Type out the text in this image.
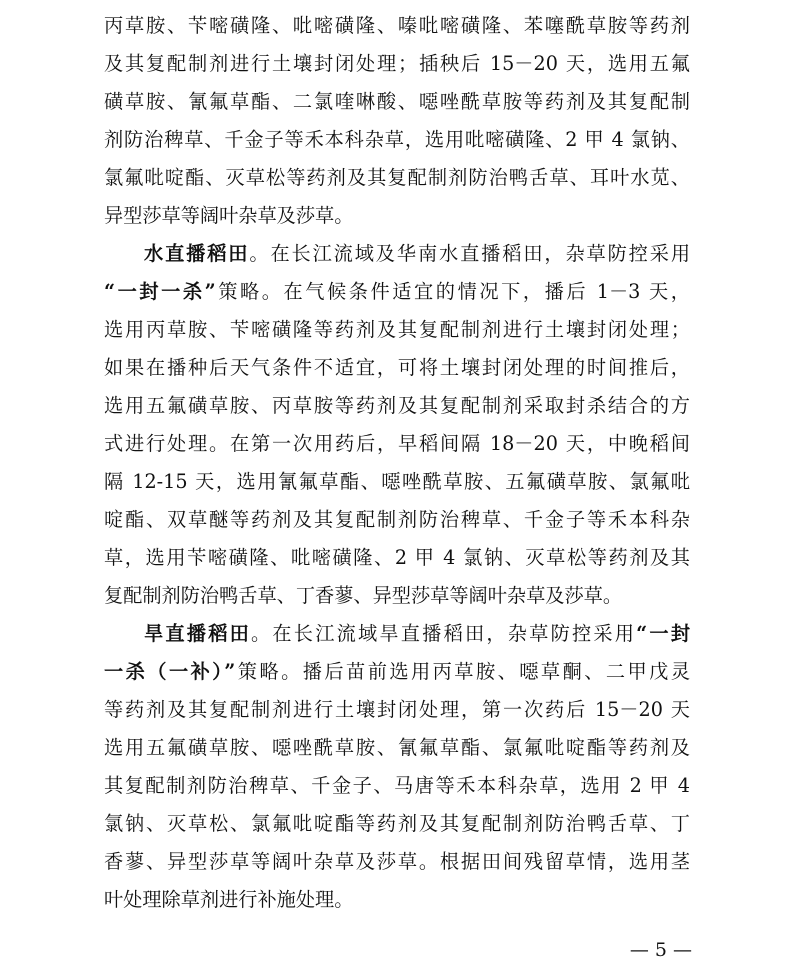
丙草胺、苄嘧磺隆、吡嘧磺隆、嗪吡嘧磺隆、苯噻酰草胺等药剂
及其复配制剂进行土壤封闭处理；插秧后 15－20 天，选用五氟
磺草胺、氰氟草酯、二氯喹啉酸、噁唑酰草胺等药剂及其复配制
剂防治稗草、千金子等禾本科杂草，选用吡嘧磺隆、2 甲 4 氯钠、
氯氟吡啶酯、灭草松等药剂及其复配制剂防治鸭舌草、耳叶水苋、
异型莎草等阔叶杂草及莎草。
水直播稻田。在长江流域及华南水直播稻田，杂草防控采用
“一封一杀”策略。在气候条件适宜的情况下，播后 1－3 天，
选用丙草胺、苄嘧磺隆等药剂及其复配制剂进行土壤封闭处理；
如果在播种后天气条件不适宜，可将土壤封闭处理的时间推后，
选用五氟磺草胺、丙草胺等药剂及其复配制剂采取封杀结合的方
式进行处理。在第一次用药后，早稻间隔 18－20 天，中晚稻间
隔 12-15 天，选用氰氟草酯、噁唑酰草胺、五氟磺草胺、氯氟吡
啶酯、双草醚等药剂及其复配制剂防治稗草、千金子等禾本科杂
草，选用苄嘧磺隆、吡嘧磺隆、2 甲 4 氯钠、灭草松等药剂及其
复配制剂防治鸭舌草、丁香蓼、异型莎草等阔叶杂草及莎草。
旱直播稻田。在长江流域旱直播稻田，杂草防控采用“一封
一杀（一补）”策略。播后苗前选用丙草胺、噁草酮、二甲戊灵
等药剂及其复配制剂进行土壤封闭处理，第一次药后 15－20 天
选用五氟磺草胺、噁唑酰草胺、氰氟草酯、氯氟吡啶酯等药剂及
其复配制剂防治稗草、千金子、马唐等禾本科杂草，选用 2 甲 4
氯钠、灭草松、氯氟吡啶酯等药剂及其复配制剂防治鸭舌草、丁
香蓼、异型莎草等阔叶杂草及莎草。根据田间残留草情，选用茎
叶处理除草剂进行补施处理。
— 5 —
